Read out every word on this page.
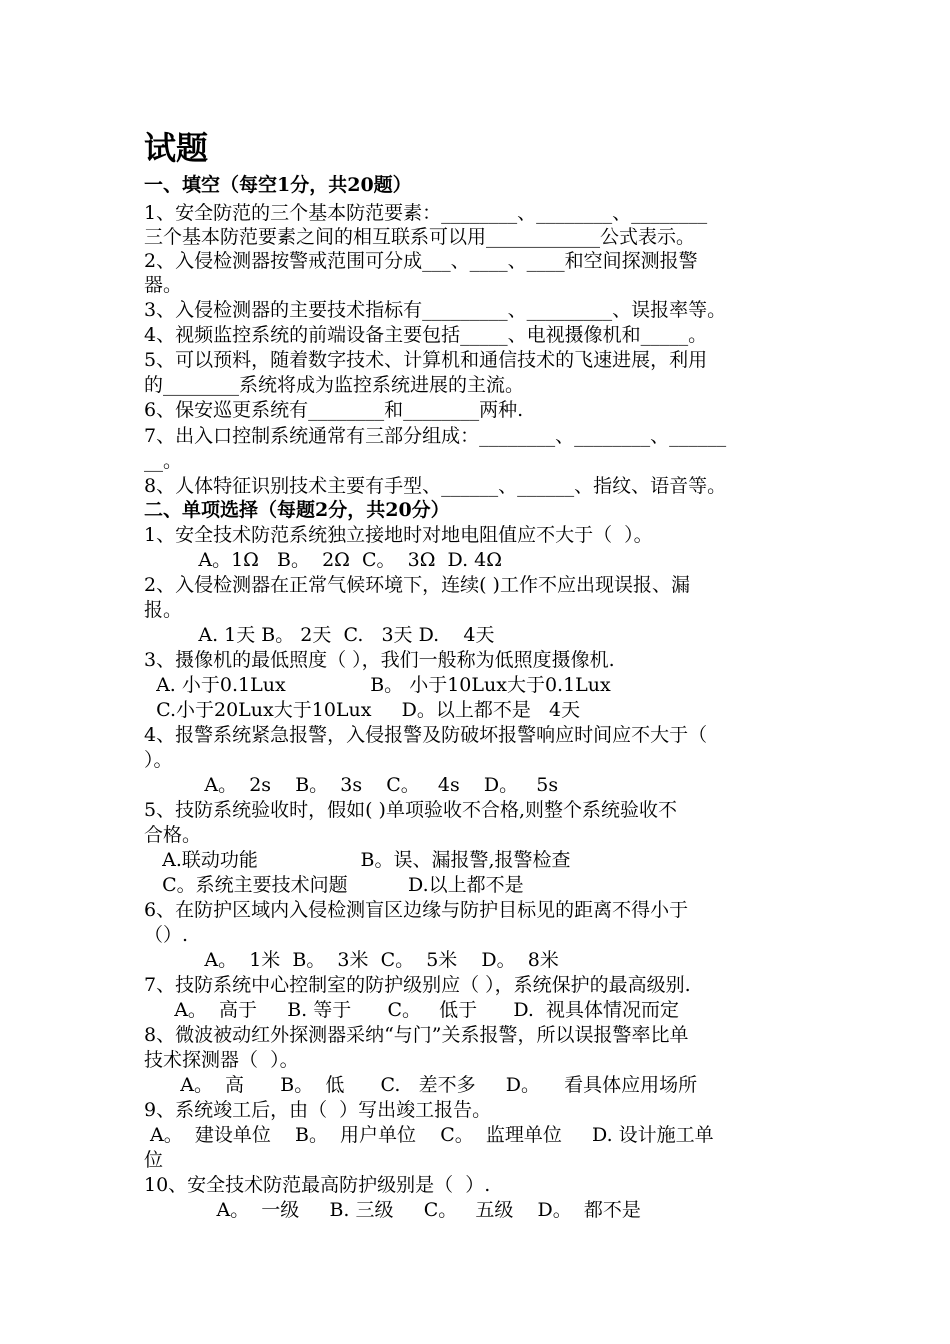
试题
一、填空（每空1分，共20题）
1、安全防范的三个基本防范要素：________、________、________
三个基本防范要素之间的相互联系可以用____________公式表示。
2、入侵检测器按警戒范围可分成___、____、____和空间探测报警
器。
3、入侵检测器的主要技术指标有_________、_________、误报率等。
4、视频监控系统的前端设备主要包括_____、电视摄像机和_____。
5、可以预料，随着数字技术、计算机和通信技术的飞速进展，利用
的________系统将成为监控系统进展的主流。
6、保安巡更系统有________和________两种.
7、出入口控制系统通常有三部分组成：________、________、______
__。
8、人体特征识别技术主要有手型、______、______、指纹、语音等。
二、单项选择（每题2分，共20分）
1、安全技术防范系统独立接地时对地电阻值应不大于（  ）。
A。1Ω   B。  2Ω  C。  3Ω  D. 4Ω
2、入侵检测器在正常气候环境下，连续( )工作不应出现误报、漏
报。
A. 1天 B。 2天  C.   3天 D.    4天
3、摄像机的最低照度（ ），我们一般称为低照度摄像机.
A. 小于0.1Lux              B。 小于10Lux大于0.1Lux
C.小于20Lux大于10Lux     D。以上都不是   4天
4、报警系统紧急报警，入侵报警及防破坏报警响应时间应不大于（
）。
A。  2s    B。  3s    C。   4s    D。   5s
5、技防系统验收时，假如( )单项验收不合格,则整个系统验收不
合格。
A.联动功能                 B。误、漏报警,报警检查
C。系统主要技术问题          D.以上都不是
6、在防护区域内入侵检测盲区边缘与防护目标见的距离不得小于
（）.
A。  1米  B。  3米  C。  5米    D。  8米
7、技防系统中心控制室的防护级别应（ ），系统保护的最高级别.
A。  高于     B. 等于      C。   低于      D.  视具体情况而定
8、微波被动红外探测器采纳“与门”关系报警，所以误报警率比单
技术探测器（  ）。
A。  高      B。  低      C.   差不多     D。    看具体应用场所
9、系统竣工后，由（  ）写出竣工报告。
A。  建设单位    B。  用户单位    C。  监理单位     D. 设计施工单
位
10、安全技术防范最高防护级别是（  ）.
A。  一级     B. 三级     C。   五级    D。  都不是
